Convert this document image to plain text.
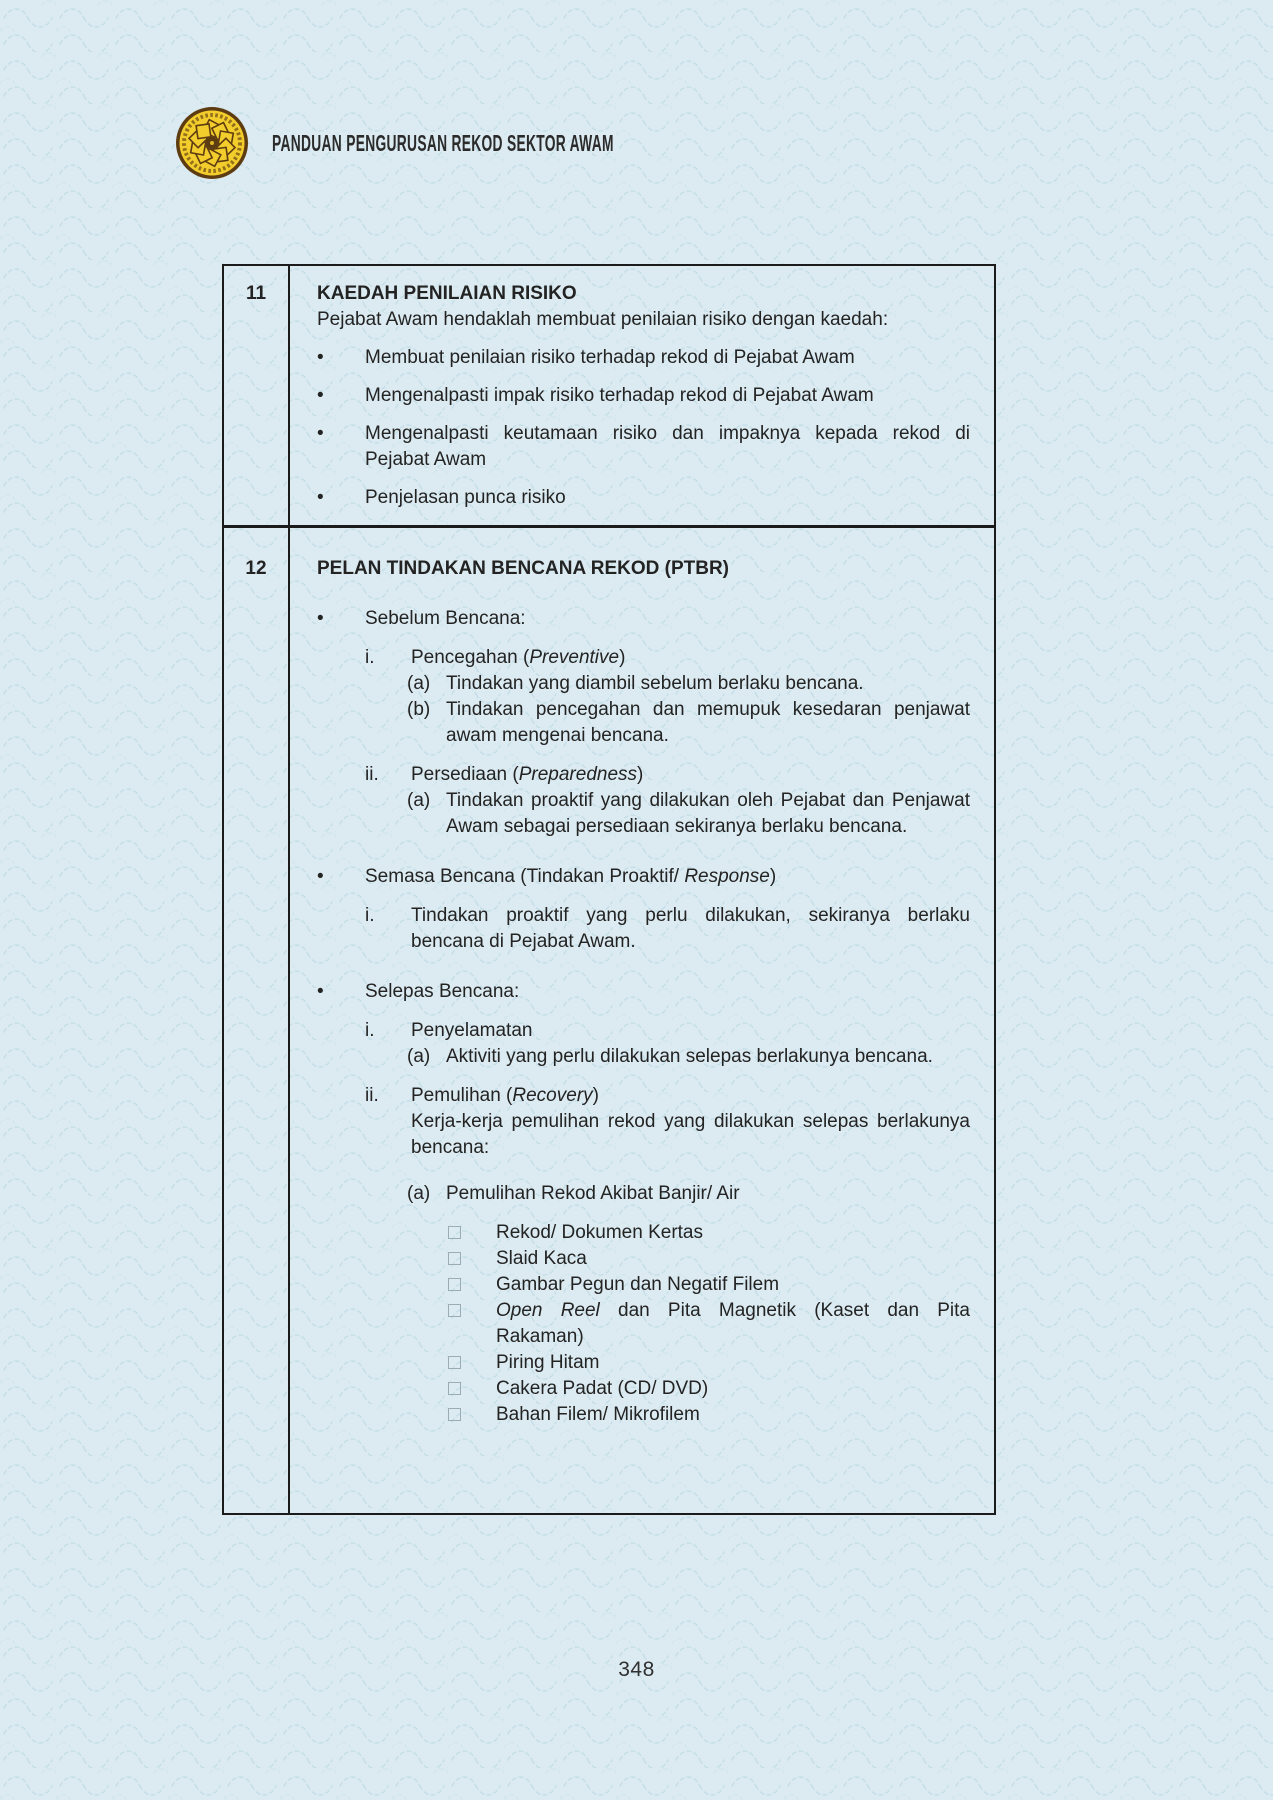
PANDUAN PENGURUSAN REKOD SEKTOR AWAM
11	KAEDAH PENILAIAN RISIKO
Pejabat Awam hendaklah membuat penilaian risiko dengan kaedah:
•	Membuat penilaian risiko terhadap rekod di Pejabat Awam
•	Mengenalpasti impak risiko terhadap rekod di Pejabat Awam
•	Mengenalpasti keutamaan risiko dan impaknya kepada rekod di Pejabat Awam
•	Penjelasan punca risiko
12	PELAN TINDAKAN BENCANA REKOD (PTBR)
•	Sebelum Bencana:
i.	Pencegahan (Preventive)
(a) Tindakan yang diambil sebelum berlaku bencana.
(b) Tindakan pencegahan dan memupuk kesedaran penjawat awam mengenai bencana.
ii.	Persediaan (Preparedness)
(a) Tindakan proaktif yang dilakukan oleh Pejabat dan Penjawat Awam sebagai persediaan sekiranya berlaku bencana.
•	Semasa Bencana (Tindakan Proaktif/ Response)
i.	Tindakan proaktif yang perlu dilakukan, sekiranya berlaku bencana di Pejabat Awam.
•	Selepas Bencana:
i.	Penyelamatan
(a) Aktiviti yang perlu dilakukan selepas berlakunya bencana.
ii.	Pemulihan (Recovery)
Kerja-kerja pemulihan rekod yang dilakukan selepas berlakunya bencana:
(a) Pemulihan Rekod Akibat Banjir/ Air
Rekod/ Dokumen Kertas
Slaid Kaca
Gambar Pegun dan Negatif Filem
Open Reel dan Pita Magnetik (Kaset dan Pita Rakaman)
Piring Hitam
Cakera Padat (CD/ DVD)
Bahan Filem/ Mikrofilem
348
